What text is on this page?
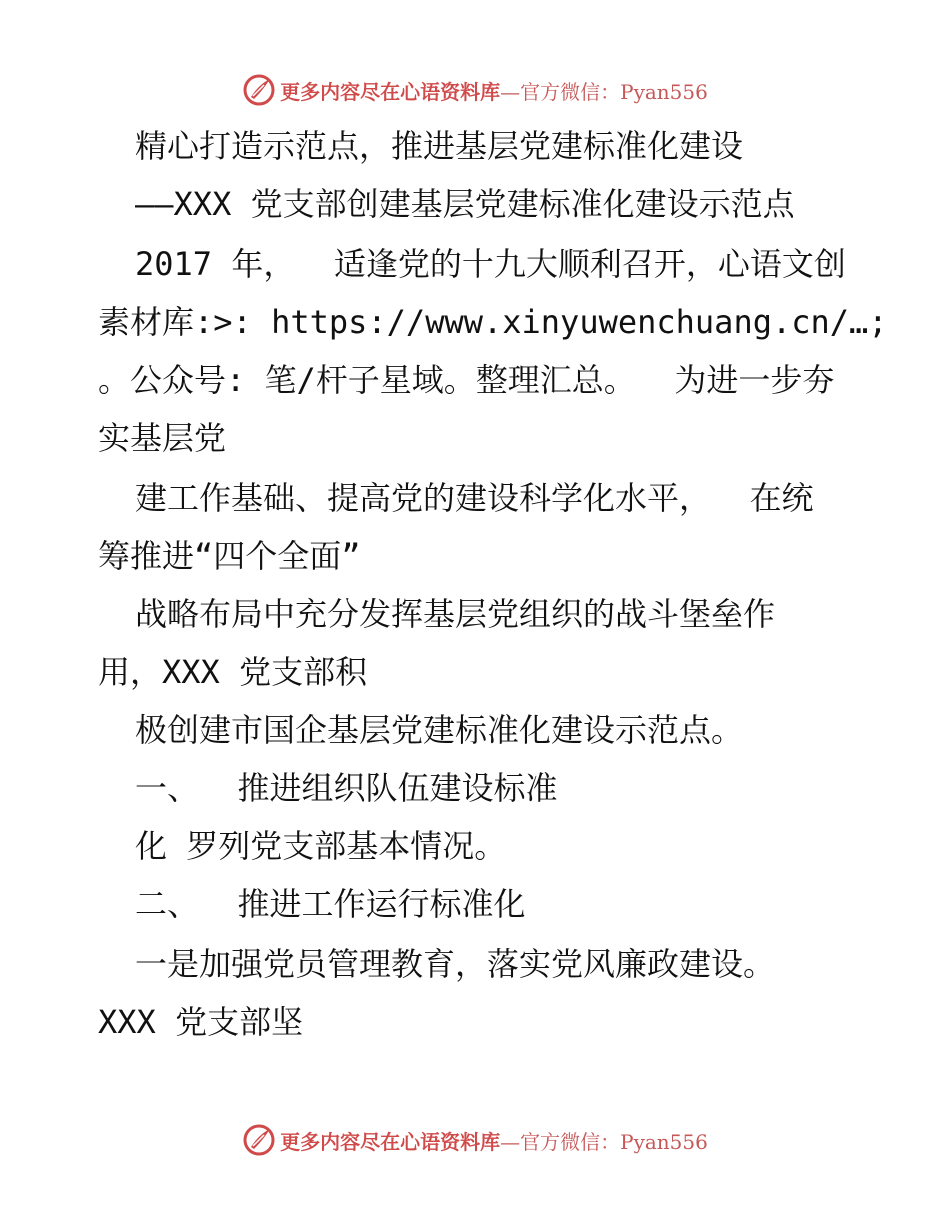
更多内容尽在心语资料库—官方微信：Pyan556
精心打造示范点，推进基层党建标准化建设
——XXX 党支部创建基层党建标准化建设示范点
2017 年，  适逢党的十九大顺利召开，心语文创
素材库:>: https://www.xinyuwenchuang.cn/…;
。公众号: 笔/杆子星域。整理汇总。  为进一步夯
实基层党
建工作基础、提高党的建设科学化水平，  在统
筹推进“四个全面”
战略布局中充分发挥基层党组织的战斗堡垒作
用，XXX 党支部积
极创建市国企基层党建标准化建设示范点。
一、  推进组织队伍建设标准
化 罗列党支部基本情况。
二、  推进工作运行标准化
一是加强党员管理教育，落实党风廉政建设。
XXX 党支部坚
更多内容尽在心语资料库—官方微信：Pyan556
